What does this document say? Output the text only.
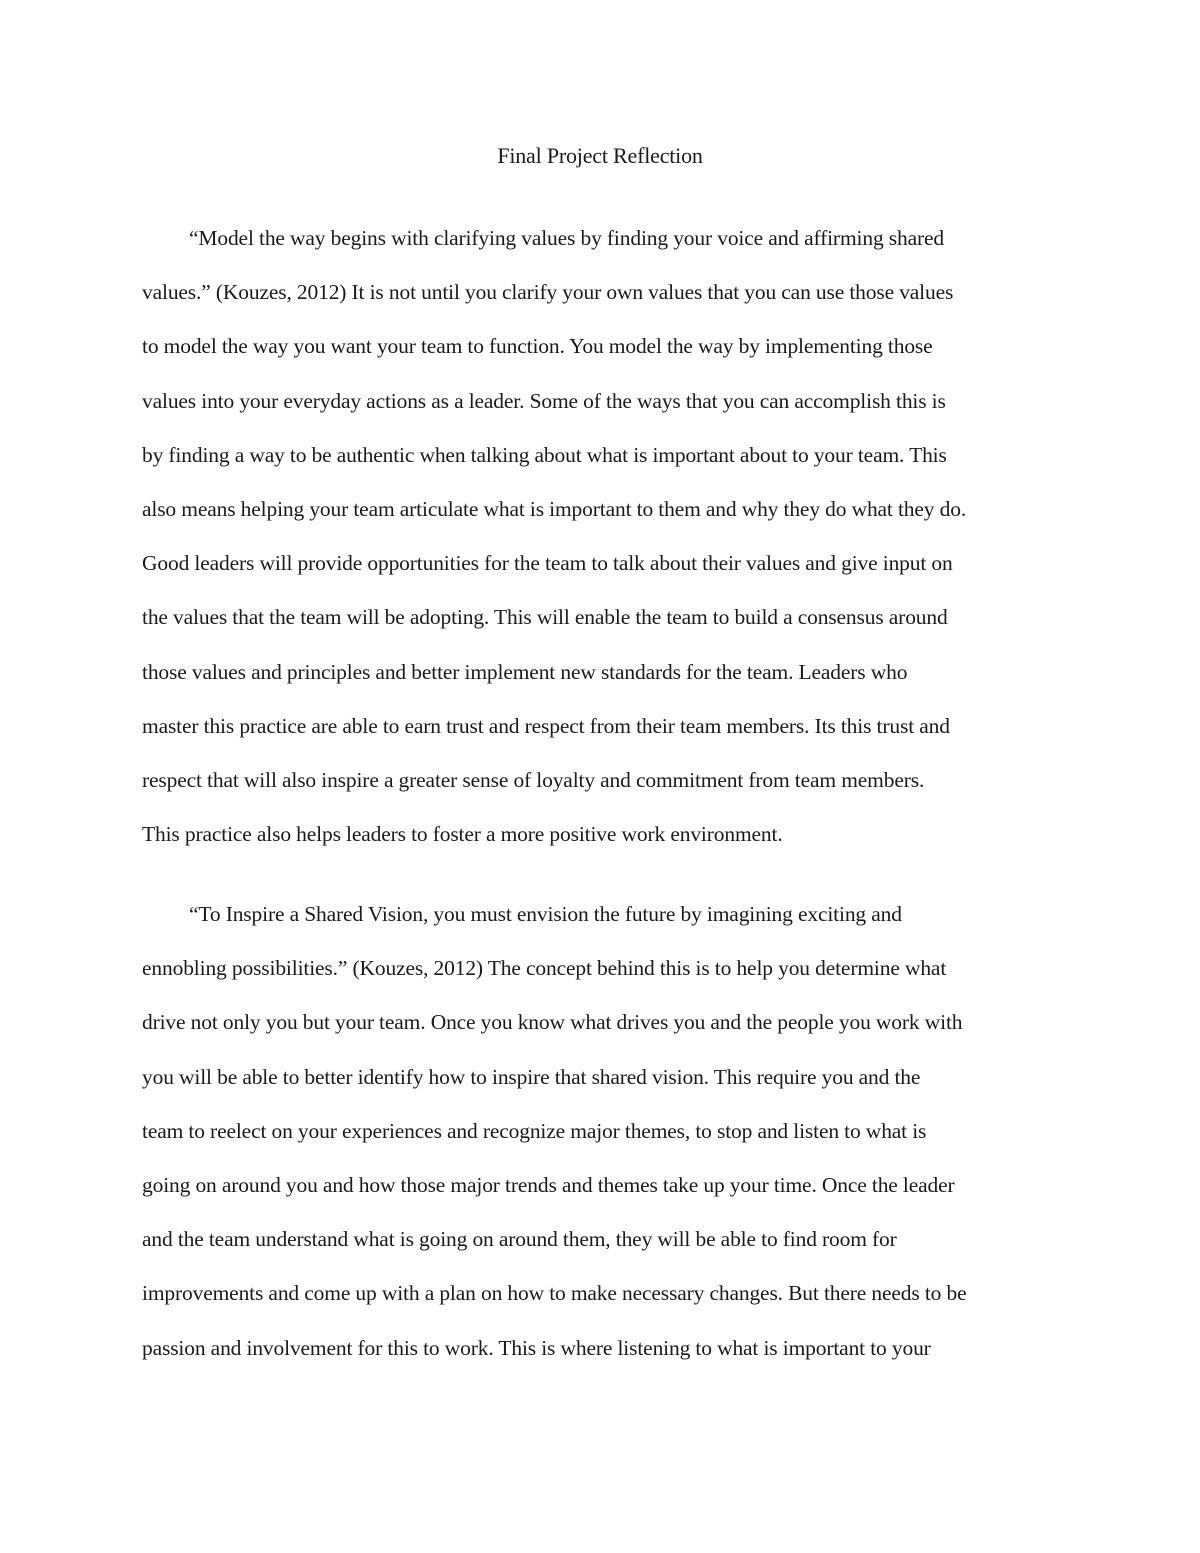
Final Project Reflection
“Model the way begins with clarifying values by finding your voice and affirming shared
values.” (Kouzes, 2012) It is not until you clarify your own values that you can use those values
to model the way you want your team to function. You model the way by implementing those
values into your everyday actions as a leader. Some of the ways that you can accomplish this is
by finding a way to be authentic when talking about what is important about to your team. This
also means helping your team articulate what is important to them and why they do what they do.
Good leaders will provide opportunities for the team to talk about their values and give input on
the values that the team will be adopting. This will enable the team to build a consensus around
those values and principles and better implement new standards for the team. Leaders who
master this practice are able to earn trust and respect from their team members. Its this trust and
respect that will also inspire a greater sense of loyalty and commitment from team members.
This practice also helps leaders to foster a more positive work environment.
“To Inspire a Shared Vision, you must envision the future by imagining exciting and
ennobling possibilities.” (Kouzes, 2012) The concept behind this is to help you determine what
drive not only you but your team. Once you know what drives you and the people you work with
you will be able to better identify how to inspire that shared vision. This require you and the
team to reelect on your experiences and recognize major themes, to stop and listen to what is
going on around you and how those major trends and themes take up your time. Once the leader
and the team understand what is going on around them, they will be able to find room for
improvements and come up with a plan on how to make necessary changes. But there needs to be
passion and involvement for this to work. This is where listening to what is important to your
